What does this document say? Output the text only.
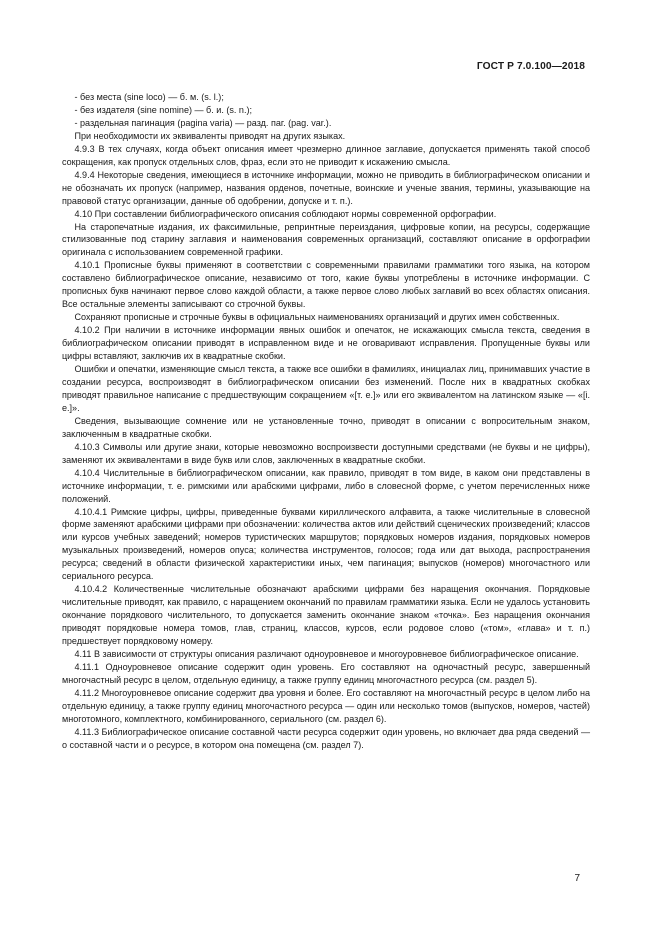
ГОСТ Р 7.0.100—2018

- без места (sine loco) — б. м. (s. l.);

- без издателя (sine nomine) — б. и. (s. n.);

- раздельная пагинация (pagina varia) — разд. паг. (pag. var.).

При необходимости их эквиваленты приводят на других языках.

4.9.3 В тех случаях, когда объект описания имеет чрезмерно длинное заглавие, допускается применять такой способ сокращения, как пропуск отдельных слов, фраз, если это не приводит к искажению смысла.

4.9.4 Некоторые сведения, имеющиеся в источнике информации, можно не приводить в библиографическом описании и не обозначать их пропуск (например, названия орденов, почетные, воинские и ученые звания, термины, указывающие на правовой статус организации, данные об одобрении, допуске и т. п.).

4.10 При составлении библиографического описания соблюдают нормы современной орфографии.

На старопечатные издания, их факсимильные, репринтные переиздания, цифровые копии, на ресурсы, содержащие стилизованные под старину заглавия и наименования современных организаций, составляют описание в орфографии оригинала с использованием современной графики.

4.10.1 Прописные буквы применяют в соответствии с современными правилами грамматики того языка, на котором составлено библиографическое описание, независимо от того, какие буквы употреблены в источнике информации. С прописных букв начинают первое слово каждой области, а также первое слово любых заглавий во всех областях описания. Все остальные элементы записывают со строчной буквы.

Сохраняют прописные и строчные буквы в официальных наименованиях организаций и других имен собственных.

4.10.2 При наличии в источнике информации явных ошибок и опечаток, не искажающих смысла текста, сведения в библиографическом описании приводят в исправленном виде и не оговаривают исправления. Пропущенные буквы или цифры вставляют, заключив их в квадратные скобки.

Ошибки и опечатки, изменяющие смысл текста, а также все ошибки в фамилиях, инициалах лиц, принимавших участие в создании ресурса, воспроизводят в библиографическом описании без изменений. После них в квадратных скобках приводят правильное написание с предшествующим сокращением «[т. е.]» или его эквивалентом на латинском языке — «[i. e.]».

Сведения, вызывающие сомнение или не установленные точно, приводят в описании с вопросительным знаком, заключенным в квадратные скобки.

4.10.3 Символы или другие знаки, которые невозможно воспроизвести доступными средствами (не буквы и не цифры), заменяют их эквивалентами в виде букв или слов, заключенных в квадратные скобки.

4.10.4 Числительные в библиографическом описании, как правило, приводят в том виде, в каком они представлены в источнике информации, т. е. римскими или арабскими цифрами, либо в словесной форме, с учетом перечисленных ниже положений.

4.10.4.1 Римские цифры, цифры, приведенные буквами кириллического алфавита, а также числительные в словесной форме заменяют арабскими цифрами при обозначении: количества актов или действий сценических произведений; классов или курсов учебных заведений; номеров туристических маршрутов; порядковых номеров издания, порядковых номеров музыкальных произведений, номеров опуса; количества инструментов, голосов; года или дат выхода, распространения ресурса; сведений в области физической характеристики иных, чем пагинация; выпусков (номеров) многочастного или сериального ресурса.

4.10.4.2 Количественные числительные обозначают арабскими цифрами без наращения окончания. Порядковые числительные приводят, как правило, с наращением окончаний по правилам грамматики языка. Если не удалось установить окончание порядкового числительного, то допускается заменить окончание знаком «точка». Без наращения окончания приводят порядковые номера томов, глав, страниц, классов, курсов, если родовое слово («том», «глава» и т. п.) предшествует порядковому номеру.

4.11 В зависимости от структуры описания различают одноуровневое и многоуровневое библиографическое описание.

4.11.1 Одноуровневое описание содержит один уровень. Его составляют на одночастный ресурс, завершенный многочастный ресурс в целом, отдельную единицу, а также группу единиц многочастного ресурса (см. раздел 5).

4.11.2 Многоуровневое описание содержит два уровня и более. Его составляют на многочастный ресурс в целом либо на отдельную единицу, а также группу единиц многочастного ресурса — один или несколько томов (выпусков, номеров, частей) многотомного, комплектного, комбинированного, сериального (см. раздел 6).

4.11.3 Библиографическое описание составной части ресурса содержит один уровень, но включает два ряда сведений — о составной части и о ресурсе, в котором она помещена (см. раздел 7).

7
